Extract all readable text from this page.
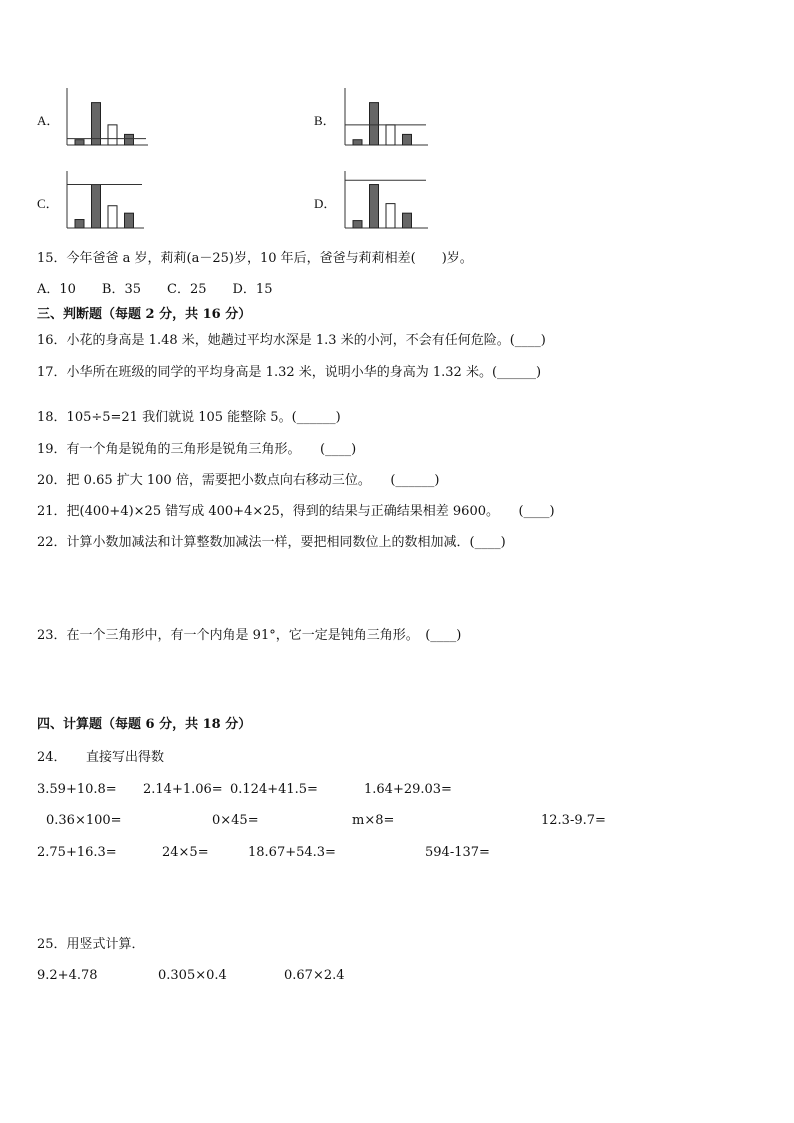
A．	B．
C．	D．
15．今年爸爸 a 岁，莉莉(a－25)岁，10 年后，爸爸与莉莉相差(　　)岁。
A．10　　B．35　　C．25　　D．15
三、判断题（每题 2 分，共 16 分）
16．小花的身高是 1.48 米，她趟过平均水深是 1.3 米的小河，不会有任何危险。(____)
17．小华所在班级的同学的平均身高是 1.32 米，说明小华的身高为 1.32 米。(______)
18．105÷5=21 我们就说 105 能整除 5。(______)
19．有一个角是锐角的三角形是锐角三角形。　　(____)
20．把 0.65 扩大 100 倍，需要把小数点向右移动三位。　　(______)
21．把(400+4)×25 错写成 400+4×25，得到的结果与正确结果相差 9600。　　(____)
22．计算小数加减法和计算整数加减法一样，要把相同数位上的数相加减．(____)
23．在一个三角形中，有一个内角是 91°，它一定是钝角三角形。　(____)
四、计算题（每题 6 分，共 18 分）
24．　　直接写出得数
3.59+10.8= 2.14+1.06= 0.124+41.5=	1.64+29.03=
0.36×100=	0×45=	m×8=	12.3-9.7=
2.75+16.3=	24×5=	18.67+54.3=	594-137=
25．用竖式计算．
9.2+4.78	0.305×0.4	0.67×2.4
